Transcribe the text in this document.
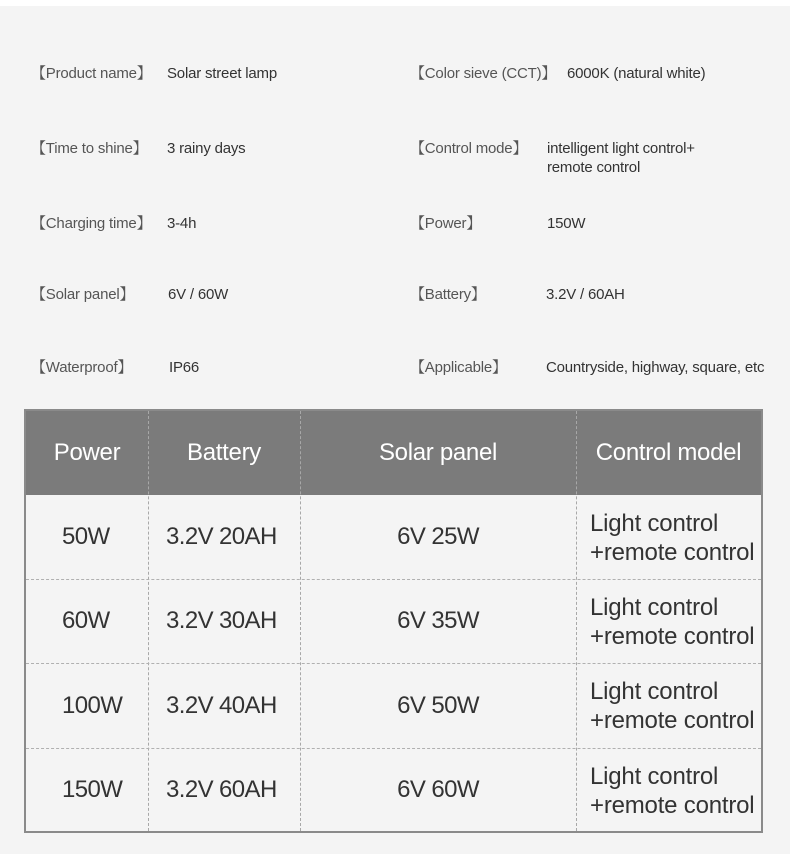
【Product name】 Solar street lamp	【Color sieve (CCT)】 6000K (natural white)
【Time to shine】 3 rainy days	【Control mode】 intelligent light control+
remote control
【Charging time】 3-4h	【Power】	150W
【Solar panel】 6V / 60W	【Battery】	3.2V / 60AH
【Waterproof】 IP66	【Applicable】	Countryside, highway, square, etc
Power	Battery	Solar panel	Control model
50W 3.2V 20AH	6V 25W	Light control
+remote control
60W 3.2V 30AH	6V 35W	Light control
+remote control
100W 3.2V 40AH	6V 50W	Light control
+remote control
150W 3.2V 60AH	6V 60W	Light control
+remote control
